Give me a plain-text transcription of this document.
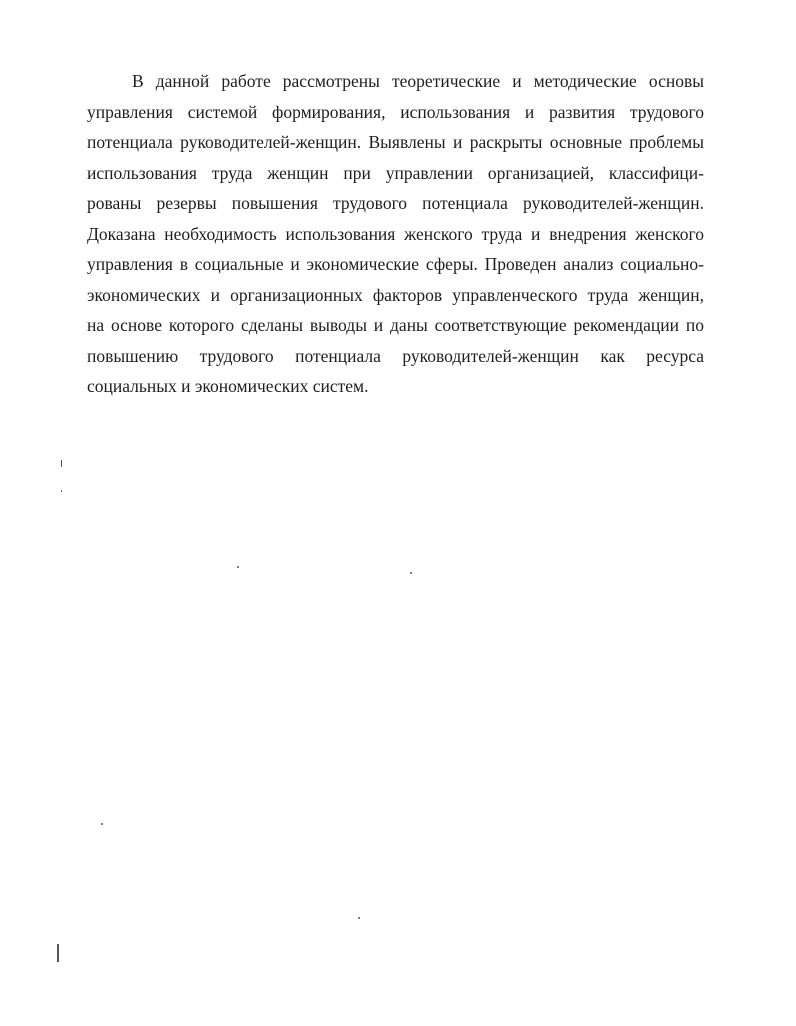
В данной работе рассмотрены теоретические и методические основы
управления системой формирования, использования и развития трудового
потенциала руководителей-женщин. Выявлены и раскрыты основные проблемы
использования труда женщин при управлении организацией, классифици-
рованы резервы повышения трудового потенциала руководителей-женщин.
Доказана необходимость использования женского труда и внедрения женского
управления в социальные и экономические сферы. Проведен анализ социально-
экономических и организационных факторов управленческого труда женщин,
на основе которого сделаны выводы и даны соответствующие рекомендации по
повышению трудового потенциала руководителей-женщин как ресурса
социальных и экономических систем.
